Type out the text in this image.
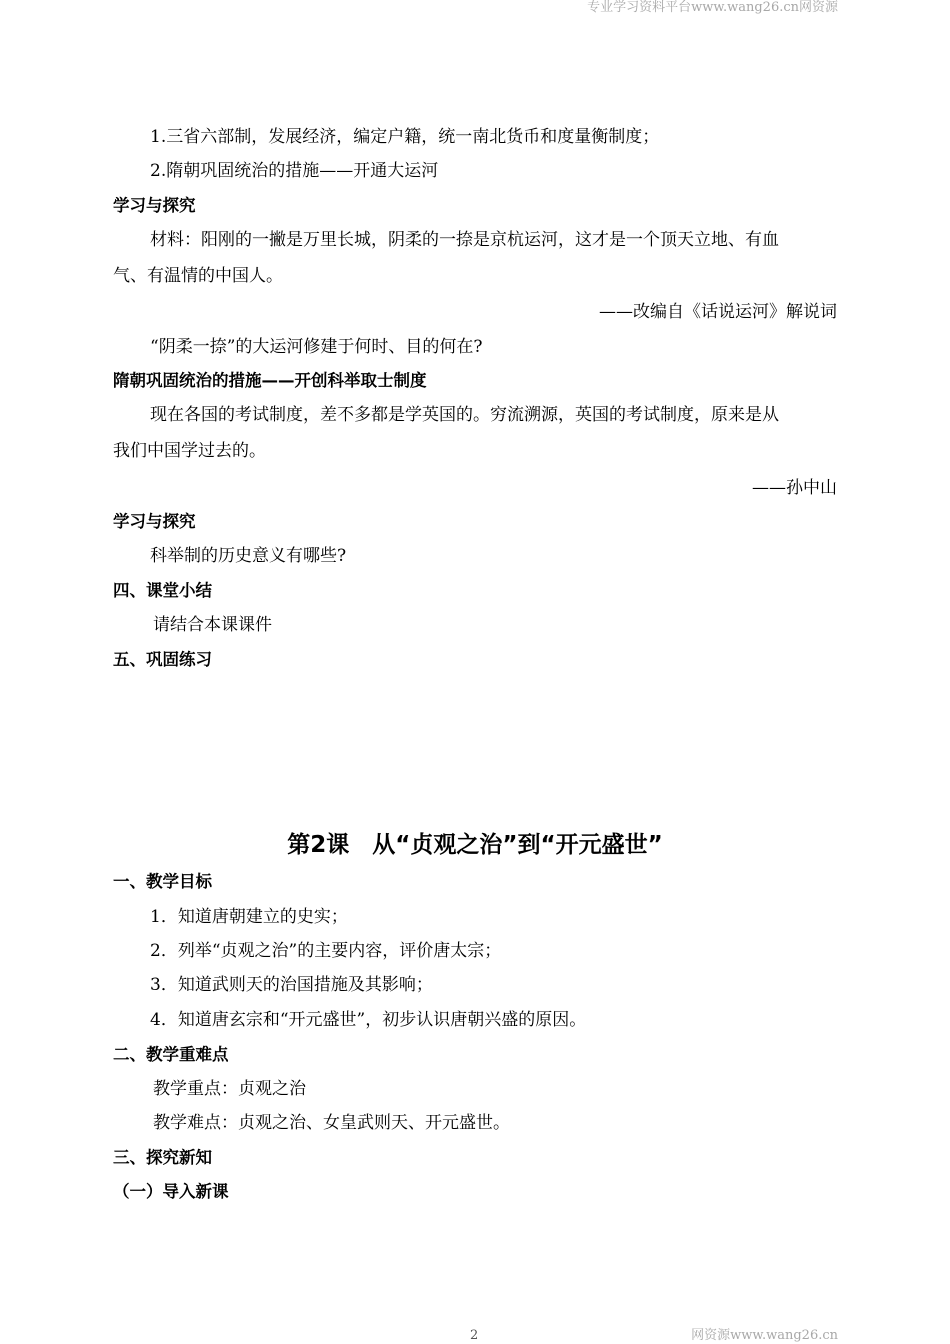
专业学习资料平台www.wang26.cn网资源
1.三省六部制，发展经济，编定户籍，统一南北货币和度量衡制度；
2.隋朝巩固统治的措施——开通大运河
学习与探究
材料：阳刚的一撇是万里长城，阴柔的一捺是京杭运河，这才是一个顶天立地、有血
气、有温情的中国人。
——改编自《话说运河》解说词
“阴柔一捺”的大运河修建于何时、目的何在?
隋朝巩固统治的措施——开创科举取士制度
现在各国的考试制度，差不多都是学英国的。穷流溯源，英国的考试制度，原来是从
我们中国学过去的。
——孙中山
学习与探究
科举制的历史意义有哪些?
四、课堂小结
请结合本课课件
五、巩固练习
第2课　从“贞观之治”到“开元盛世”
一、教学目标
1．知道唐朝建立的史实；
2．列举“贞观之治”的主要内容，评价唐太宗；
3．知道武则天的治国措施及其影响；
4．知道唐玄宗和“开元盛世”，初步认识唐朝兴盛的原因。
二、教学重难点
教学重点：贞观之治
教学难点：贞观之治、女皇武则天、开元盛世。
三、探究新知
（一）导入新课
2	网资源www.wang26.cn
